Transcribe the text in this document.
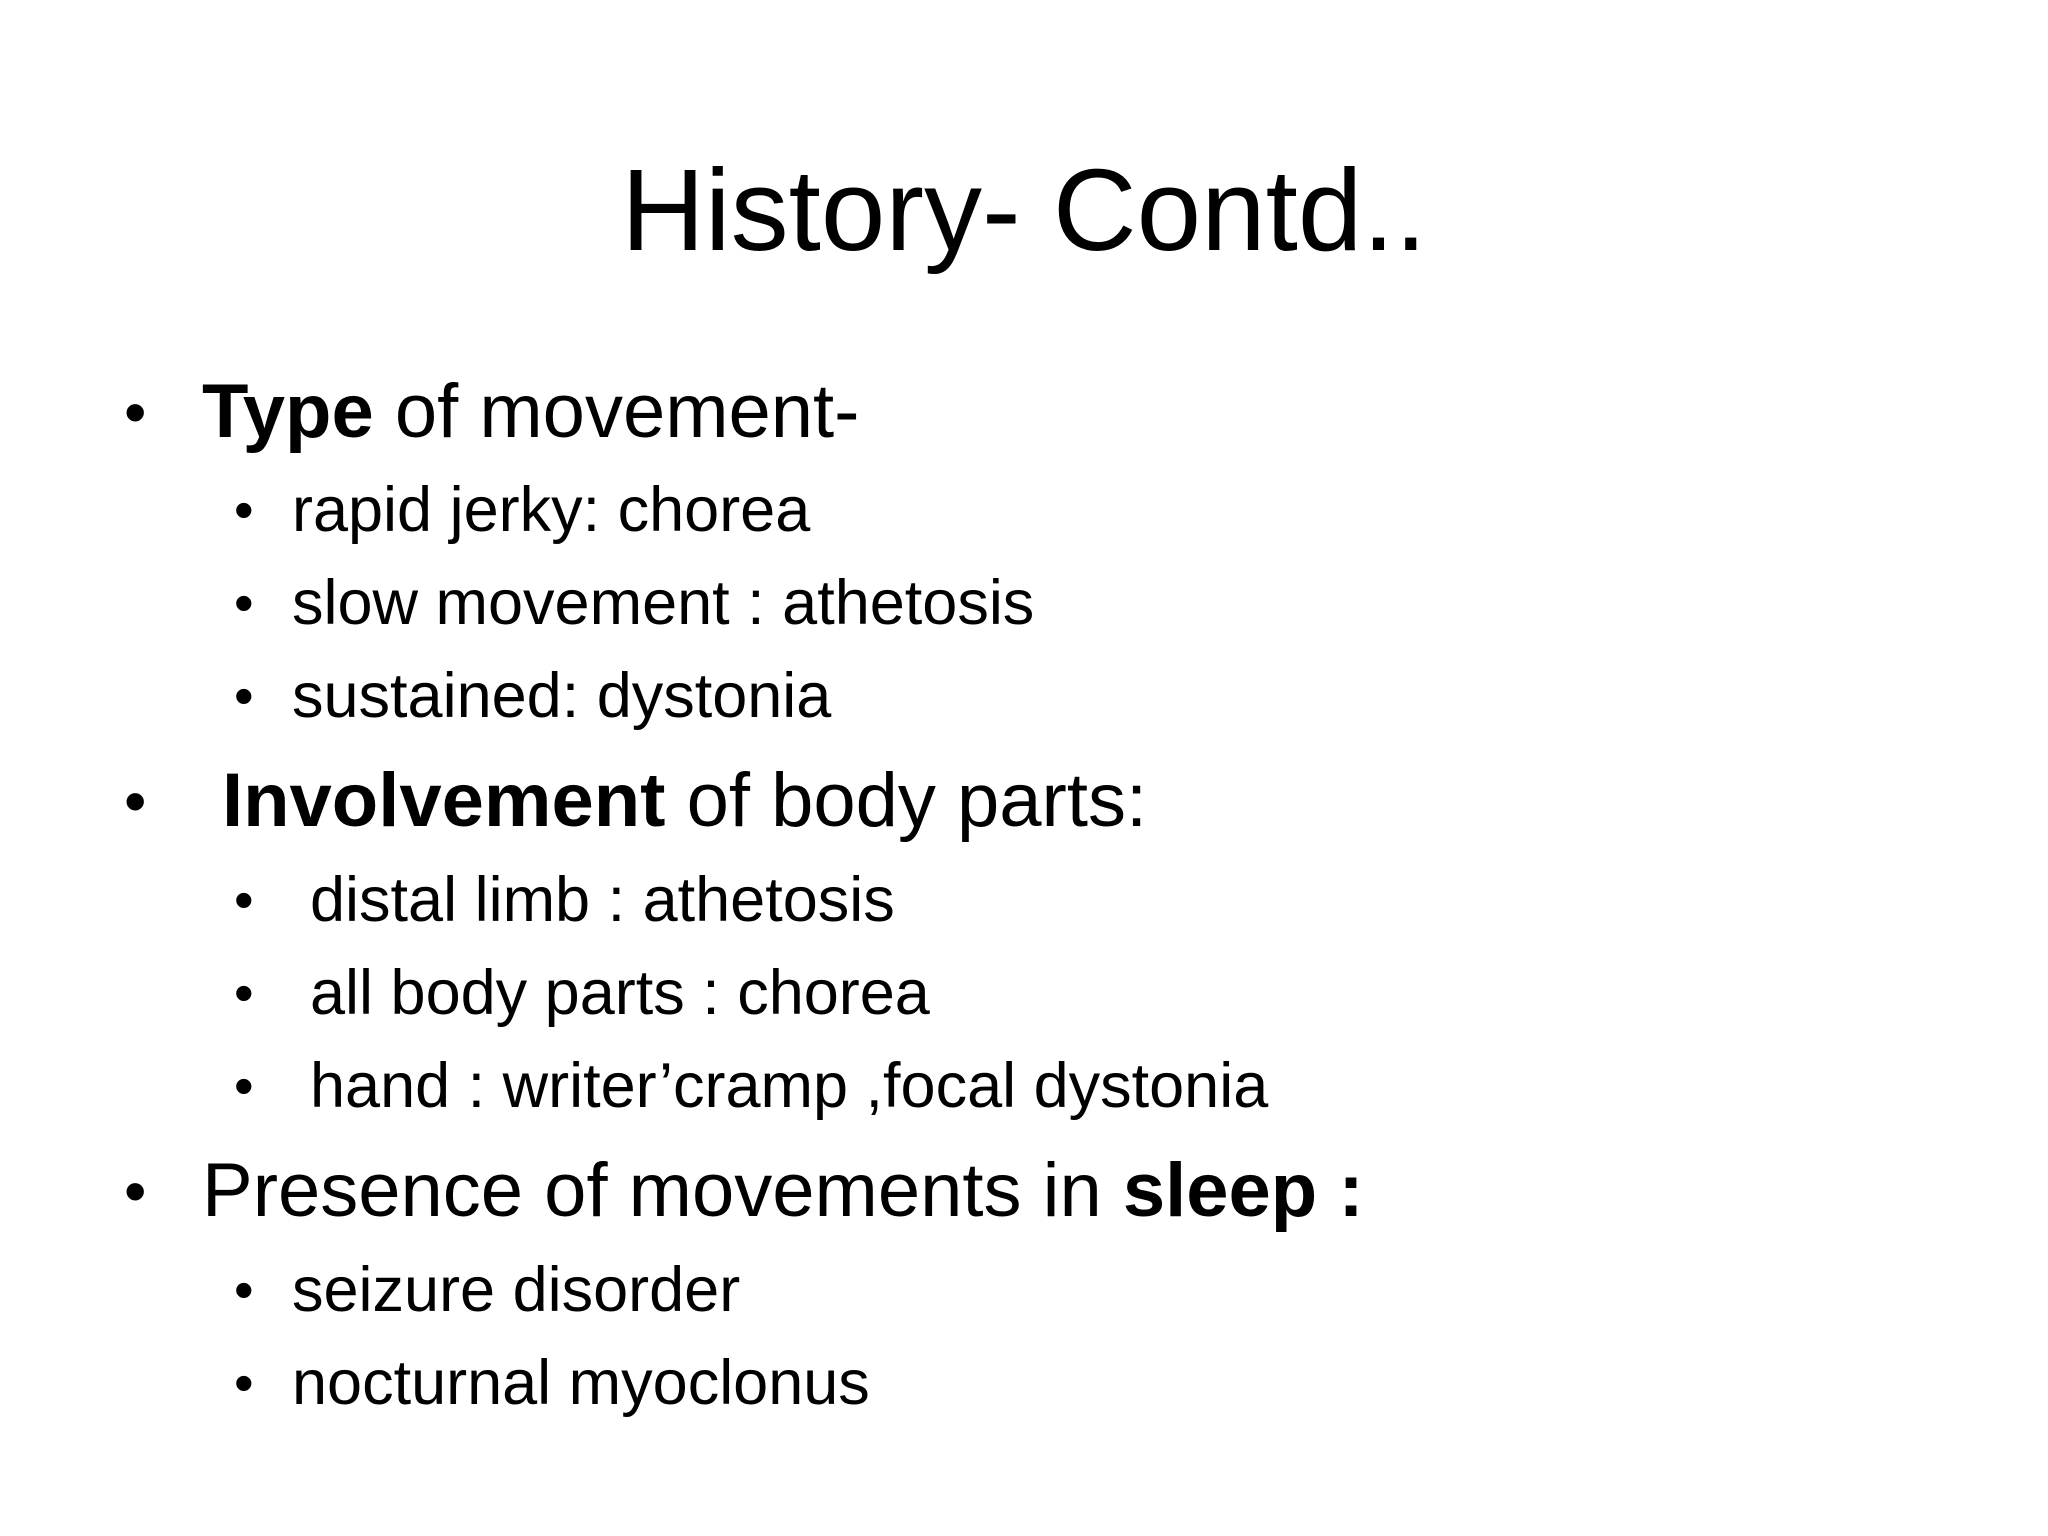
History- Contd..
• Type of movement-
• rapid jerky: chorea
• slow movement : athetosis
• sustained: dystonia
• Involvement of body parts:
• distal limb : athetosis
• all body parts : chorea
• hand : writer’cramp ,focal dystonia
• Presence of movements in sleep :
• seizure disorder
• nocturnal myoclonus
